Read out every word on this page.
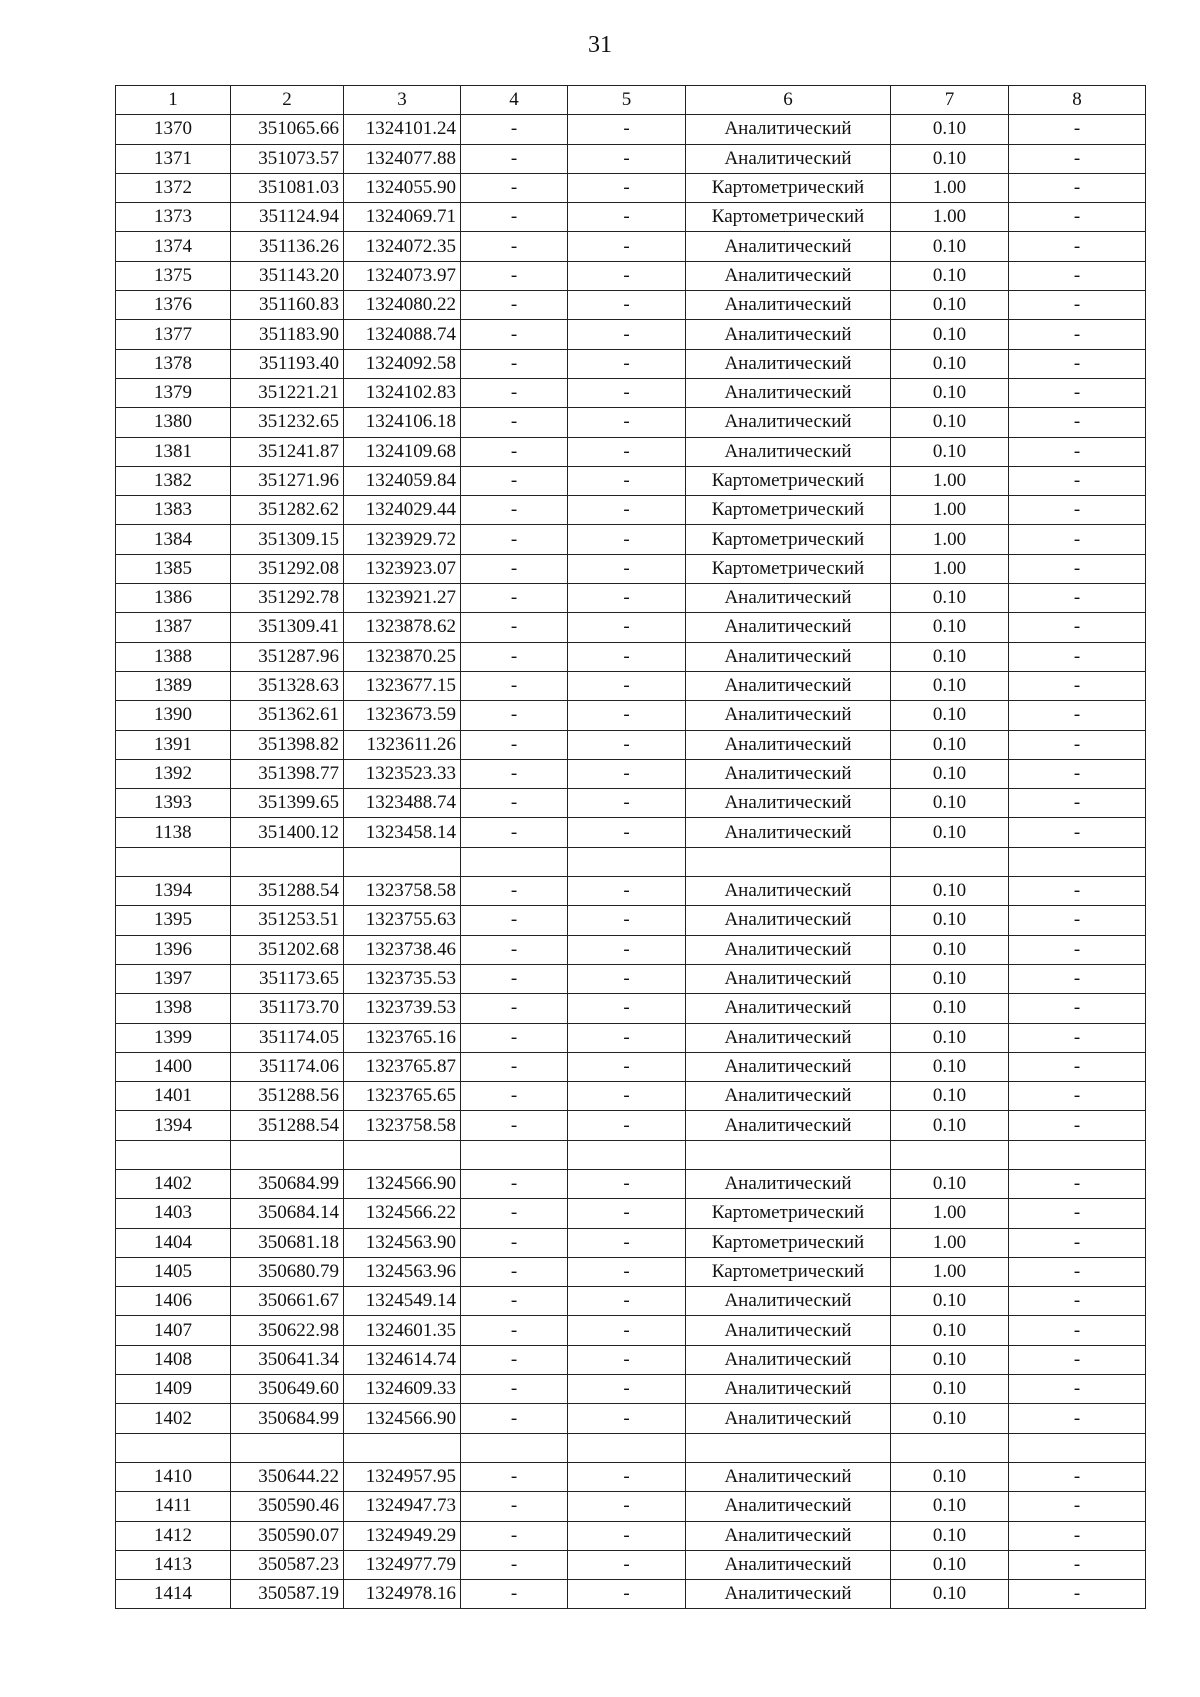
31
1	2	3	4	5	6	7	8
1370	351065.66	1324101.24	-	-	Аналитический	0.10	-
1371	351073.57	1324077.88	-	-	Аналитический	0.10	-
1372	351081.03	1324055.90	-	-	Картометрический	1.00	-
1373	351124.94	1324069.71	-	-	Картометрический	1.00	-
1374	351136.26	1324072.35	-	-	Аналитический	0.10	-
1375	351143.20	1324073.97	-	-	Аналитический	0.10	-
1376	351160.83	1324080.22	-	-	Аналитический	0.10	-
1377	351183.90	1324088.74	-	-	Аналитический	0.10	-
1378	351193.40	1324092.58	-	-	Аналитический	0.10	-
1379	351221.21	1324102.83	-	-	Аналитический	0.10	-
1380	351232.65	1324106.18	-	-	Аналитический	0.10	-
1381	351241.87	1324109.68	-	-	Аналитический	0.10	-
1382	351271.96	1324059.84	-	-	Картометрический	1.00	-
1383	351282.62	1324029.44	-	-	Картометрический	1.00	-
1384	351309.15	1323929.72	-	-	Картометрический	1.00	-
1385	351292.08	1323923.07	-	-	Картометрический	1.00	-
1386	351292.78	1323921.27	-	-	Аналитический	0.10	-
1387	351309.41	1323878.62	-	-	Аналитический	0.10	-
1388	351287.96	1323870.25	-	-	Аналитический	0.10	-
1389	351328.63	1323677.15	-	-	Аналитический	0.10	-
1390	351362.61	1323673.59	-	-	Аналитический	0.10	-
1391	351398.82	1323611.26	-	-	Аналитический	0.10	-
1392	351398.77	1323523.33	-	-	Аналитический	0.10	-
1393	351399.65	1323488.74	-	-	Аналитический	0.10	-
1138	351400.12	1323458.14	-	-	Аналитический	0.10	-

1394	351288.54	1323758.58	-	-	Аналитический	0.10	-
1395	351253.51	1323755.63	-	-	Аналитический	0.10	-
1396	351202.68	1323738.46	-	-	Аналитический	0.10	-
1397	351173.65	1323735.53	-	-	Аналитический	0.10	-
1398	351173.70	1323739.53	-	-	Аналитический	0.10	-
1399	351174.05	1323765.16	-	-	Аналитический	0.10	-
1400	351174.06	1323765.87	-	-	Аналитический	0.10	-
1401	351288.56	1323765.65	-	-	Аналитический	0.10	-
1394	351288.54	1323758.58	-	-	Аналитический	0.10	-

1402	350684.99	1324566.90	-	-	Аналитический	0.10	-
1403	350684.14	1324566.22	-	-	Картометрический	1.00	-
1404	350681.18	1324563.90	-	-	Картометрический	1.00	-
1405	350680.79	1324563.96	-	-	Картометрический	1.00	-
1406	350661.67	1324549.14	-	-	Аналитический	0.10	-
1407	350622.98	1324601.35	-	-	Аналитический	0.10	-
1408	350641.34	1324614.74	-	-	Аналитический	0.10	-
1409	350649.60	1324609.33	-	-	Аналитический	0.10	-
1402	350684.99	1324566.90	-	-	Аналитический	0.10	-

1410	350644.22	1324957.95	-	-	Аналитический	0.10	-
1411	350590.46	1324947.73	-	-	Аналитический	0.10	-
1412	350590.07	1324949.29	-	-	Аналитический	0.10	-
1413	350587.23	1324977.79	-	-	Аналитический	0.10	-
1414	350587.19	1324978.16	-	-	Аналитический	0.10	-
